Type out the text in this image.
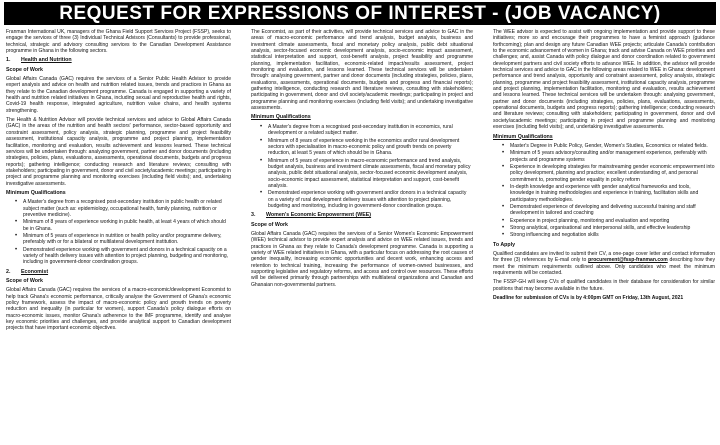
REQUEST FOR EXPRESSIONS OF INTEREST - (JOB VACANCY)

Franman International UK, managers of the Ghana Field Support Services Project (FSSP), seeks to engage the services of three (3) Individual Technical Advisors (Consultants) to provide professional, technical, strategic and advisory consulting services to the Canadian Development Assistance programme in Ghana in the following sectors.

1.	Health and Nutrition
Scope of Work

Global Affairs Canada (GAC) requires the services of a Senior Public Health Advisor to provide expert analysis and advice on health and nutrition related issues, trends and practices in Ghana as they relate to the Canadian development programme. Canada is engaged in supporting a variety of health and nutrition related initiatives in Ghana, including sexual and reproductive health and rights, Covid-19 health response, integrated agriculture, nutrition value chains, and health systems strengthening.

The Health & Nutrition Advisor will provide technical services and advice to Global Affairs Canada (GAC) in the areas of the nutrition and health sectors' performance, sector-based opportunity and constraint assessment, policy analysis, strategic planning, programme and project feasibility assessment, institutional capacity analysis, programme and project planning, implementation facilitation, monitoring and evaluation, results achievement and lessons learned. These technical services will be undertaken through: analyzing government, partner and donor documents (including strategies, policies, plans, evaluations, assessments, operational documents, budgets and progress reports); gathering intelligence; conducting research and literature reviews; consulting with stakeholders; participating in government, donor and civil society/academic meetings; participating in project and programme planning and monitoring exercises (including field visits); and, undertaking investigative assessments.

Minimum Qualifications
• A Master's degree from a recognised post-secondary institution in public health or related subject matter (such as: epidemiology, occupational health, family planning, nutrition or preventive medicine).
• Minimum of 8 years of experience working in public health, at least 4 years of which should be in Ghana.
• Minimum of 5 years of experience in nutrition or health policy and/or programme delivery, preferably with or for a bilateral or multilateral development institution.
• Demonstrated experience working with government and donors in a technical capacity on a variety of health delivery issues with attention to project planning, budgeting and monitoring, including in government-donor coordination groups.
2.	Economist
Scope of Work

Global Affairs Canada (GAC) requires the services of a macro-economic/development Economist to help track Ghana's economic performance, critically analyse the Government of Ghana's economic policy framework, assess the impact of macro-economic policy and growth trends on poverty reduction and inequality (in particular for women), support Canada's policy dialogue efforts on macro-economic issues, monitor Ghana's adherence to the IMF programme, identify and analyse key economic priorities and challenges, and provide analytical support to Canadian development projects that have important economic objectives.

The Economist, as part of their activities, will provide technical services and advice to GAC in the areas of macro-economic performance and trend analysis, budget analysis, business and investment climate assessments, fiscal and monetary policy analysis, public debt situational analysis, sector-focused economic development analysis, socio-economic impact assessment, statistical interpretation and support, cost-benefit analysis, project feasibility and programme planning, implementation facilitation, economic-related impact/results assessment, project monitoring and evaluation, and lessons learned. These technical services will be undertaken through: analysing government, partner and donor documents (including strategies, policies, plans, evaluations, assessments, operational documents, budgets and progress and financial reports); gathering intelligence, conducting research and literature reviews, consulting with stakeholders; participating in government, donor and civil society/academic meetings; participating in project and programme planning and monitoring exercises (including field visits); and undertaking investigative assessments.

Minimum Qualifications
• A Master's degree from a recognised post-secondary institution in economics, rural development or a related subject matter.
• Minimum of 8 years of experience working in the economics and/or rural development sectors with specialisation in macro-economic policy and growth trends on poverty reduction, at least 5 years of which should be in Ghana.
• Minimum of 5 years of experience in macro-economic performance and trend analysis, budget analysis, business and investment climate assessments, fiscal and monetary policy analysis, public debt situational analysis, sector-focused economic development analysis, socio-economic impact assessment, statistical interpretation and support, cost-benefit analysis.
• Demonstrated experience working with government and/or donors in a technical capacity on a variety of rural development delivery issues with attention to project planning, budgeting and monitoring, including in government-donor coordination groups.
3.	Women's Economic Empowerment (WEE)
Scope of Work

Global Affairs Canada (GAC) requires the services of a Senior Women's Economic Empowerment (WEE) technical advisor to provide expert analysis and advice on WEE related issues, trends and practices in Ghana as they relate to Canada's development programme. Canada is supporting a variety of WEE related initiatives in Ghana, with a particular focus on addressing the root causes of gender inequality, increasing economic opportunities and decent work, enhancing access and retention to technical training, increasing the performance of women-owned businesses, and supporting legislative and regulatory reforms, and access and control over resources. These efforts will be delivered primarily through partnerships with multilateral organizations and Canadian and Ghanaian non-governmental partners.

The WEE advisor is expected to assist with ongoing implementation and provide support to these initiatives; more so and encourage their programmes to have a feminist approach (guidance forthcoming); plan and design any future Canadian WEE projects; articulate Canada's contribution to the economic advancement of women in Ghana; track and advise Canada on WEE priorities and challenges; and, assist Canada with policy dialogue and donor coordination related to government development partners and civil society efforts to advance WEE. In addition, the advisor will provide technical services and advice to GAC in the following areas related to WEE in Ghana: development performance and trend analysis, opportunity and constraint assessment, policy analysis, strategic planning, programme and project feasibility assessment, institutional capacity analysis, programme and project planning, implementation facilitation, monitoring and evaluation, results achievement and lessons learned. These technical services will be undertaken through: analysing government, partner and donor documents (including strategies, policies, plans, evaluations, assessments, operational documents, budgets and progress reports); gathering intelligence; conducting research and literature reviews; consulting with stakeholders; participating in government, donor and civil society/academic meetings; participating in project and programme planning and monitoring exercises (including field visits); and, undertaking investigative assessments.

Minimum Qualifications
• Master's Degree in Public Policy, Gender, Women's Studies, Economics or related fields.
• Minimum of 5 years advisory/consulting and/or management experience, preferably with projects and programme systems
• Experience in developing strategies for mainstreaming gender economic empowerment into policy development, planning and practice; excellent understanding of, and personal commitment to, promoting gender equality in policy reform
• In-depth knowledge and experience with gender analytical frameworks and tools, knowledge in training methodologies and experience in training, facilitation skills and participatory methodologies.
• Demonstrated experience of developing and delivering successful training and staff development in tailored and coaching
• Experience in project planning, monitoring and evaluation and reporting
• Strong analytical, organisational and interpersonal skills, and effective leadership
• Strong influencing and negotiation skills
To Apply

Qualified candidates are invited to submit their CV, a one-page cover letter and contact information for three (3) references by E-mail only to procurement@fssp-franman.com describing how they meet the minimum requirements outlined above. Only candidates who meet the minimum requirements will be contacted.

The FSSP-GH will keep CVs of qualified candidates in their database for consideration for similar positions that may become available in the future.

Deadline for submission of CVs is by 4:00pm GMT on Friday, 13th August, 2021
